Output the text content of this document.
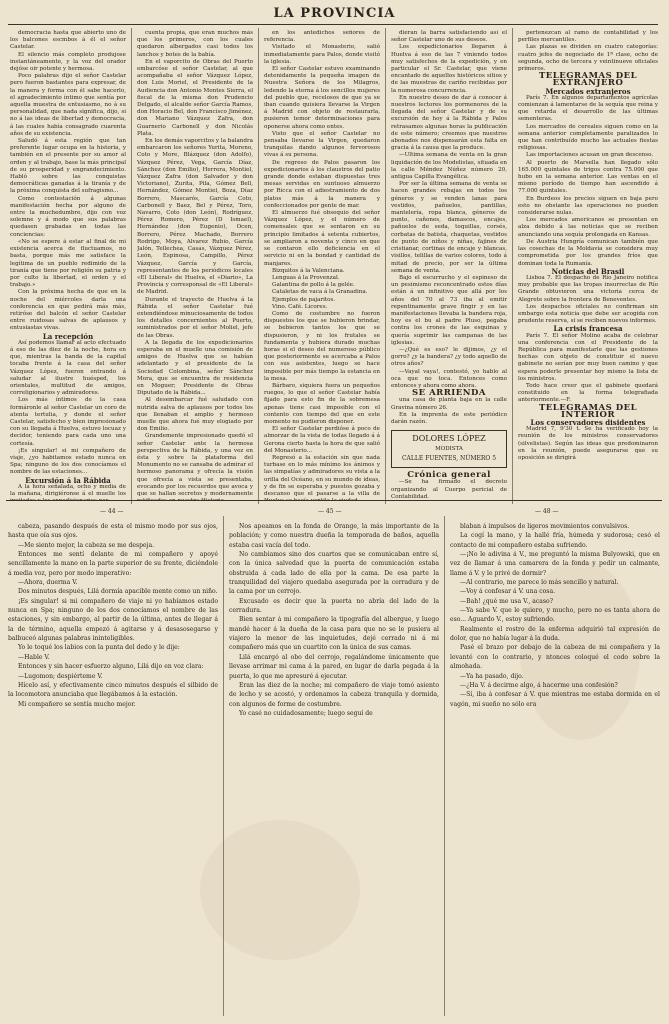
LA PROVINCIA

democracia hasta que abierto uno de los balcones escmbos á él el señor Castelar.

El silencio más completo produjose instantáneamente, y la voz del orador dejóse oir potente y hermosa.

Poco palabras dijo el señor Castelar pero fueron bastantes para expresar, de la manera y forma con él sabe hacerlo, el agradecimiento íntimo que sentía por aquella muestra de entusiasmo, no á su personalidad, que nada significa, dijo, si no á las ideas de libertad y democracia, á las cuales había consagrado cuarenta años de su existencia.

Saludó á esta región que tan preferente lugar ocupa en la historia, y también en el presente por su amor al orden y al trabajo, base la más principal de su prosperidad y engrandecimiento. Habló sobre las conquistas democráticas ganadas á la tiranía y de la próxima conquista del sufragismo...

Como contestación á algunas manifestación hecha por alguno de entre la muchedumbre, dijo con voz solemne y á modo que sus palabras quedasen grabadas en todas las conciencias:

«No se espere á estar al final de mi existencia acerca de fluctuamos, no basta, porque más me satisface la legítima de un pueblo redimido de la tiranía que tiene por religión su patria y por culto la libertad, el orden y el trabajo.»

Con la próxima hecha de que en la noche del miércoles darla una conferencia en que pedirá más más, retiróse del balcón el señor Castelar entre ruidosas salvas de aplausos y entusiastas vivas.

La recepción

Así podemos llamar al acto efectuado á eso de las diez de la noche, hora en que, mientras la banda de la capital tocaba frente á la casa del señor Vázquez López, fueron entrando á saludar al ilustre huésped, los orientales, multitud de amigos, correligionarios y admiradores.

Los más íntimos de la casa formáronle al señor Castelar un coro de atenta tertulia, y donde el señor Castelar, satisfecho y bien impresionado con su llegada á Huelva, estuvo locuaz y decidor, teniendo para cada uno una cortesía.

¡Es singular! si mi compañero de viaje, ¿yo habitamos estado nunca en Spa; ninguno de los dos conocíamos el nombre de las estaciones...

Excursión á la Rábida

A la hora señalada, ocho y media de la mañana, dirigiéronse á el muelle los

cuenta propia, que eran muchos más que los primeros, con los cuales quedaron albergados casi todos los lanchos y botes de la bahía.

En el vaporcito de Obras del Puerto embarcóse el señor Castelar, al que acompañaba el señor Vázquez López, don Luis Moriel, el Presidente de la Audiencia don Antonio Montes Sierra, el fiscal de la misma don Prudencio Delgado, el alcalde señor García Ramos, don Horacio Bel, don Francisco Jiménez, don Mariano Vázquez Zafra, don Guarnerio Carbonell y don Nicolás Plata.

En los demás vaporcitos y la balandra embarcaron los señores Yurita, Moreno, Coto y More, Blázquez (don Adolfo), Vázquez Pérez, Vega, García Díaz, Sánchez (don Emilio), Herrera, Montiel, Vázquez Zafra (don Salvador y don Victoriano), Zurita, Pila, Gómez Bell, Hernández, Gómez Montiel, Boza, Díaz Borrero, Mascarós, García Coto, Carbonell y Baez, Bel y Pérez, Toro, Navarro, Coto (don León), Rodríguez, Pérez Romero, Pérez (D Ismael), Hernández (don Eugenio), Ocen, Borrero, Pérez Machado, Borrero Rodrigo, Moya, Alvarez Rubio, García Jalón, Tellechea, Casas, Vázquez Pérez, León, Espinosa, Campillo, Pérez Vázquez, García y García, representantes de los periódicos locales «El Liberal» de Huelva, el «Diario», La Provincia y corresponsal de «El Liberal» de Madrid.

Durante el trayecto de Huelva á la Rábida el señor Castelar fué extendiéndose minuciosamente de todos los detalles concernientes al Puerto, suministrados por el señor Moliel, jefe de las Obras.

A la llegada de los expedicionarios esperaba en el muelle una comisión de amigos de Huelva que se habían adelantado y el presidente de la Sociedad Colombina, señor Sánchez Mora, que se encuentra de residencia en Moguer; Presidente de Obras Diputado de la Rábida...

Al desembarcar fué saludado con nutrida salva de aplausos por todos los que llenaban el amplio y hermoso muelle que ahora fué muy elogiado por don Emilio.

Grandemente impresionado quedó el señor Castelar ante la hermosa perspectiva de la Rábida, y una vez en ésta y sobre la plataforma del Monumento no se cansaba de admirar el hermoso panorama y ofrecía la visión que ofrecía a vista se presentaba, evocando por los recuerdos que avoca y que se hallan secretos y modernamente

en los antedichos señores de referencia.

Visitado el Monasterio, salió inmediatamente para Palos, donde visitó la iglesia.

El señor Castelar estuvo examinando detenidamente la pequeña imagen de Nuestra Señora de los Milagros, ledendo la eterna á los sencillos mujeres del pueblo que, recelosos de que ya se iban cuando quisiera llevarse la Virgen á Madrid con objeto de restaurarla, pusieron temor determinaciones para oponerse ahora como entes.

Visto que el señor Castelar no pensaba llevarse la Virgen, quedaron tranquilas dando algunos fervorosos vivas á su persona.

De regreso de Palos pasaron los expedicionarios á los claustros del patio grande donde estaban dispuestas tres mesas servidas en suntuoso almuerzo por Ricca con el adiestramiento de dos platos más á la manera y confeccionados por gente de mar.

El almuerzo fué obsequio del señor Vázquez López, y el número de comensales que se sentaron en su principio limitados á setenta cubiertos, se ampliaron a noventa y cinco en que se contaron ello deficiencia en el servicio ni en la bondad y cantidad de manjares.

Bizquitos á la Valenciana.

Lenguas á la Provenzal.

Galantina de pollo á la gelée.

Cataletas de vaca á la Granadina.

Ejemplos de pajaritos.

Vino. Café. Licores.

Como de costumbre no fueron dispuestos los que se hubieron brindar, se bebieron tantos los que se dispusieron, y ni los frutales se fundamenta y hubiera durado muchas horas si el deseo del numeroso público que posteriormente se acercaba a Palos con sus asistentes, luego se hace imposible por más tiempo la estancia en la mesa.

Bárbaro, siquiera fuera un pequeños ruegos, lo que el señor Castelar había fijado para esto fin de la sobremesa apenas tiene casi imposible con el contento con tiempo del que en este momento no pudieron disponer.

El señor Castelar perdióse á poco de almorzar de la vista de todas llegado á á Gerona cierto hasta la hora de que salió del Monasterio...

Regresó a la estación sin que nada turbase en lo más mínimo los ánimos y las simpatías y admiradores su vista a la orilla del Océano, en su mundo de ideas, y de fin se esperaba y puestos gozaba y descanso que el pasarse a la villa de

dieran la barra satisfaciendo así el señor Castelar uno de sus deseos.

Los expedicionarios llegaron á Huelva á eso de las 7 viniendo todos muy satisfechos de la expedición, y en particular el Sr. Castelar, que viene encantado de aquellos históricos sitios y de las muestras de cariño recibidas por la numerosa concurrencia.

En nuestro deseo de dar á conocer á nuestros lectores los pormenores de la llegada del señor Castelar y de su excursión de hoy á la Rábida y Palos retrasamos algunas horas la publicación de este número; creemos que nuestros abonados nos dispensarán esta falta en gracia á la causa que la produce.

—Ultima semana de venta en la gran liquidación de los Modelistas, situada en la calle Méndez Núñez número 20, antigua Capilla Evangélica.

Por ser la última semana de venta se hacen grandes rebajas en todos los géneros y se venden lanas para vestidos, pañuelos, pantillas, mantelería, ropa blanca, géneros de punto, cañones, damascos, encajes, pañuelos de seda, toquillas, corsés, corbatas de batista, chaquetas, vestidos de punto de niños y niñas, fajines de cristianar, cortinas de encaje y blancas, visillos, telillas de varios colores, todo á mitad de precio, por ser la última semana de venta.

Bajo el escurrucho y el espineso de un pesimismo reconcentrado estos días están á un infinitivo que allá por los años del 70 al 73 iba al emitir repentinamente grave fingir y en las manifestaciones llevaba la bandera roja, hoy es el bu al padre Pluso, pegaba contra los crones de las esquinas y quería suprimir las campanas de las iglesias.

—¿Qué es eso? le dijimos, ¿y el gorro? ¿y la bandera? ¿y todo aquello de otros años?

—Vayal vaya!, contestó, yo hablo al oca que no toca. Entonces como entonces y ahora como ahora.

SE ARRIENDA

una casa de planta baja en la calle Gravina número 26.

En la imprenta de este periódico darán razón.

DOLORES LÓPEZ
MODISTA
CALLE FUENTES, NÚMERO 5

Crónica general

—Se ha firmado el decreto organizando al Cuerpo pericial de Contabilidad.

pertenezcan al ramo de contabilidad y los perfiles mercantiles.

Las plazas se dividen en cuatro categorías: cuatro jefes de negociado de 1ª clase, ocho de segunda, ocho de tercera y veintinueve oficiales primeros.

TELEGRAMAS DEL EXTRANJERO

Mercados extranjeros

París 7. En algunos departamentos agrícolas comienzan á lamentarse de la sequía que reina y que retarda el desarrollo de las últimas sementeras.

Los mercados de cereales siguen como en la semana anterior completamente paralizados lo que han contribuído mucho las actuales fiestas religiosas.

Las importaciones acusan un gran descenso.

Al puerto de Marsella han llegado sólo 165.000 quintales de trigos contra 75.000 que hubo en la semana anterior. Las ventas en el mismo período de tiempo han ascendido á 77.000 quintales.

En Burdeos los precios siguen en baja pero esto no obstante las operaciones no pueden considerarse nulas.

Los mercados americanos se presentan en alza debido á las noticias que se reciben anunciando una sequía prolongada en Kansas.

De Austria Hungría comunican también que las cosechas de la Moldavia se considera muy comprometida por los grandes fríos que dominan toda la Rumanía.

Noticias del Brasil

Lisboa 7. El despacho de Río Janeiro notifica muy probable que las tropas insurrectas de Río Grande obtuvieron una victoria cerca de Alegrete sobre la frontera de Beneventes.

Los despachos oficiales no confirman sin embargo esta noticia que debe ser acogida con prudente reserva, si se reciben nuevos informes.

La crisis francesa

París 7. El señor Molino acaba de celebrar una conferencia con el Presidente de la República para manifestarle que las gestiones hechas con objeto de constituir el nuevo gabinete no serían por muy buen camino y que espera poderle presentar hoy mismo la lista de los ministros.

Todo hace creer que el gabinete quedará constituido en la forma telegrafiada anteriormente.—F.

TELEGRAMAS DEL INTERIOR

Los conservadores disidentes

Madrid 7, 9'30 t. Se ha verificado hoy la reunión de los ministros conservadores (silvelistas). Según las ideas que predominaron en la reunión, puede asegurarse que su oposición se dirigirá

— 44 —	— 45 —	— 48 —

cabeza, pasando después de esta el mismo modo por sus ojos, hasta que oía sus ojos.

—Me siento mejor, la cabeza se me despeja.

Entonces me sentí delante de mi compañero y apoyé sencillamente la mano en la parte superior de su frente, diciéndole á media voz, pero por modo imperativo:

—Ahora, duerma V.

Dos minutos después, Lilá dormía apacible mente como un niño.

¡Es singular! si mi compañero de viaje ni yo habíamos estado nunca en Spa; ninguno de los dos conocíamos el nombre de las estaciones, y sin embargo, al partir de la última, antes de llegar á la de término, aquella empezó á agitarse y á desasosegarse y balbuceó algunas palabras ininteligibles.

Yo le toqué los labios con la punta del dedo y le dije:

—Hable V.

Entonces y sin hacer esfuerzo alguno, Lilá dijo en voz clara:

—Lugomon; despiérteme V.

Hícelo así, y efectivamente cinco minutos después el silbido de la locomotora anunciaba que llegábamos á la estación.

Mi compañero se sentía mucho mejor.

Nos apeamos en la fonda de Orange, la más importante de la población; y como nuestra dueña la temporada de baños, aquella estaba casi vacía del todo.

No cambiamos sino dos cuartos que se comunicaban entre sí, con la única salvedad que la puerta de comunicación estaba obstruida á cada lado de ella por la cama. De esa parte la tranquilidad del viajero quedaba asegurada por la cerradura y de la cama por un cerrojo.

Excusado es decir que la puerta no abría del lado de la cerradura.

Bien sentar á mi compañero la tipografía del albergue, y luego mandé hacer á la dueña de la casa para que no se le pusiera al viajero la menor de las inquietudes, dejé cerrado ni á mi compañero más que un cuartito con la única de sus camas.

Lilá encargó al obo del cerrojo, regalándome únicamente que llevase arrimar mi cama á la pared, en lugar de darla pegada á la puerta, lo que me apresuré á ejecutar.

Eran las diez de la noche; mi compañero de viaje tomó asiento de lecho y se acostó, y ordenamos la cabeza tranquila y dormida, con algunos de forme de costumbre.

Yo casé no cuidadosamente; luego seguí de

blaban á impulsos de ligeros movimientos convulsivos.

La cogí la mano, y la hallé fría, húmeda y sudorosa; cesó el contacto de mi compañero estaba sufriendo.

—¡No le adivina á V., me preguntó la misma Bulyowski, que en vez de llamar á una camarera de la fonda y pedir un calmante, llame á V. y le privé de dormir?

—Al contrario, me parece lo más sencillo y natural.

—Voy á confesar á V. una cosa.

—Bah! ¿qué me usa V., acaso?

—Ya sabe V. que le quiero, y mucho, pero no es tanta ahora de eso... Aguardo V., estoy sufriendo.

Realmente el rostro de la enferma adquirió tal expresión de dolor, que no había lugar á la duda.

Pasé el brazo por debajo de la cabeza de mi compañera y la levanté con lo contrario, y ntonces coloqué el codo sobre la almohada.

—Ya ha pasado, dijo.

—¿Ha V. á decirme algo, á hacerme una confesión?

—Sí, iba á confesar á V. que mientras me estaba dormida en el vagón, mi sueño no sólo era
